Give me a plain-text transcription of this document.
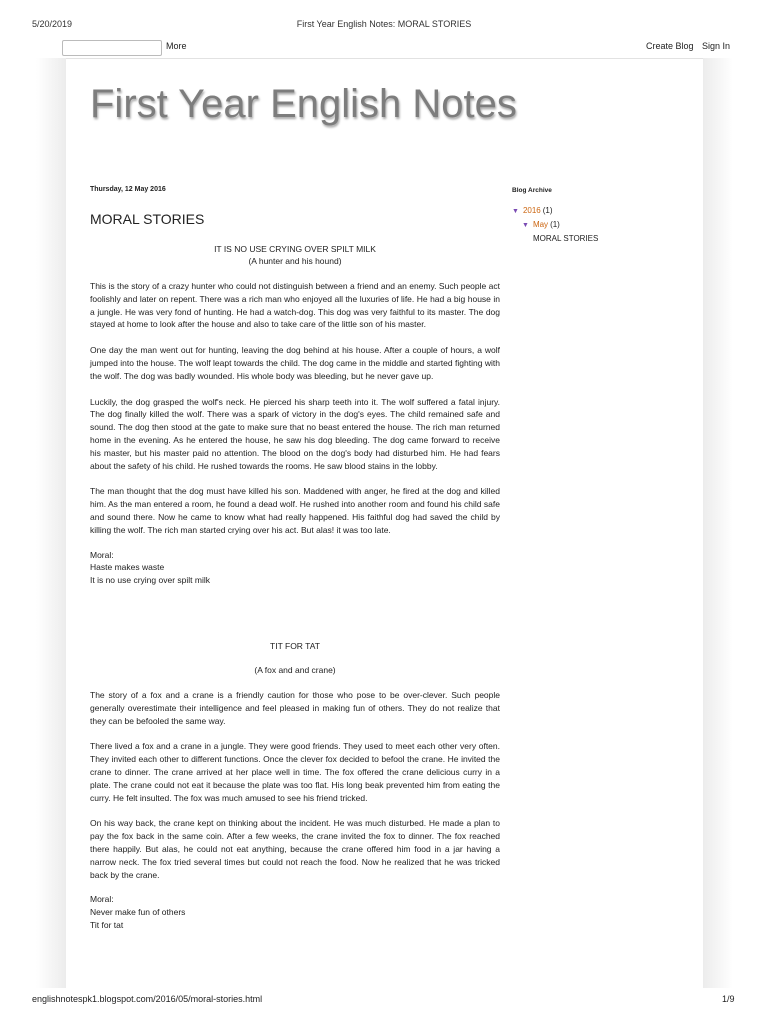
5/20/2019	First Year English Notes: MORAL STORIES
More	Create Blog Sign In
First Year English Notes
Thursday, 12 May 2016
MORAL STORIES
IT IS NO USE CRYING OVER SPILT MILK
(A hunter and his hound)
This is the story of a crazy hunter who could not distinguish between a friend and an enemy. Such people act foolishly and later on repent. There was a rich man who enjoyed all the luxuries of life. He had a big house in a jungle. He was very fond of hunting. He had a watch-dog. This dog was very faithful to its master. The dog stayed at home to look after the house and also to take care of the little son of his master.
One day the man went out for hunting, leaving the dog behind at his house. After a couple of hours, a wolf jumped into the house. The wolf leapt towards the child. The dog came in the middle and started fighting with the wolf. The dog was badly wounded. His whole body was bleeding, but he never gave up.
Luckily, the dog grasped the wolf's neck. He pierced his sharp teeth into it. The wolf suffered a fatal injury. The dog finally killed the wolf. There was a spark of victory in the dog's eyes. The child remained safe and sound. The dog then stood at the gate to make sure that no beast entered the house. The rich man returned home in the evening. As he entered the house, he saw his dog bleeding. The dog came forward to receive his master, but his master paid no attention. The blood on the dog's body had disturbed him. He had fears about the safety of his child. He rushed towards the rooms. He saw blood stains in the lobby.
The man thought that the dog must have killed his son. Maddened with anger, he fired at the dog and killed him. As the man entered a room, he found a dead wolf. He rushed into another room and found his child safe and sound there. Now he came to know what had really happened. His faithful dog had saved the child by killing the wolf. The rich man started crying over his act. But alas! it was too late.
Moral:
Haste makes waste
It is no use crying over spilt milk
TIT FOR TAT
(A fox and and crane)
The story of a fox and a crane is a friendly caution for those who pose to be over-clever. Such people generally overestimate their intelligence and feel pleased in making fun of others. They do not realize that they can be befooled the same way.
There lived a fox and a crane in a jungle. They were good friends. They used to meet each other very often. They invited each other to different functions. Once the clever fox decided to befool the crane. He invited the crane to dinner. The crane arrived at her place well in time. The fox offered the crane delicious curry in a plate. The crane could not eat it because the plate was too flat. His long beak prevented him from eating the curry. He felt insulted. The fox was much amused to see his friend tricked.
On his way back, the crane kept on thinking about the incident. He was much disturbed. He made a plan to pay the fox back in the same coin. After a few weeks, the crane invited the fox to dinner. The fox reached there happily. But alas, he could not eat anything, because the crane offered him food in a jar having a narrow neck. The fox tried several times but could not reach the food. Now he realized that he was tricked back by the crane.
Moral:
Never make fun of others
Tit for tat
Blog Archive
▼ 2016 (1)
▼ May (1)
MORAL STORIES
englishnotespk1.blogspot.com/2016/05/moral-stories.html	1/9
